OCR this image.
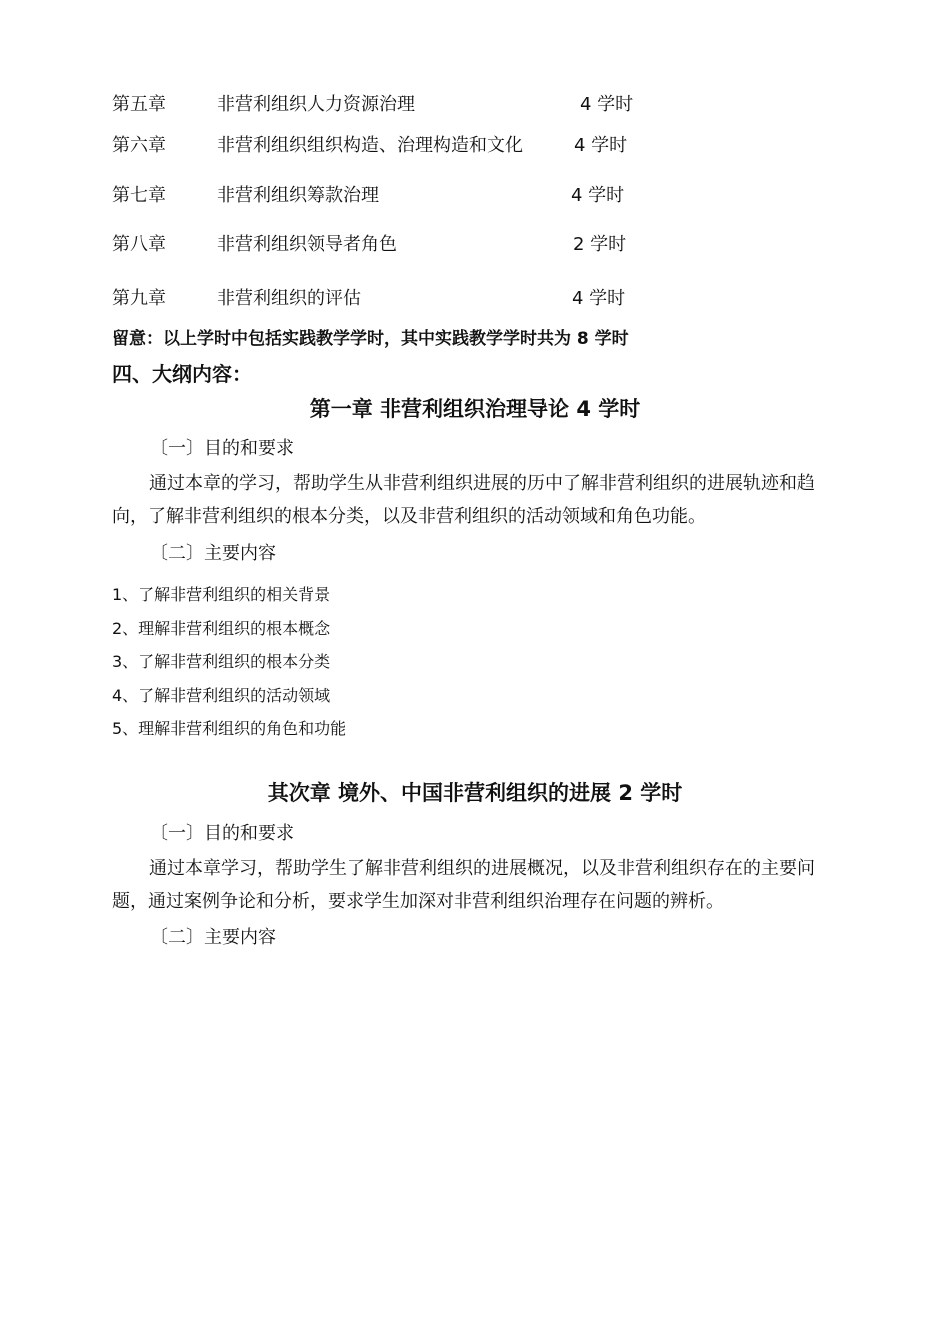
第五章	非营利组织人力资源治理	4 学时
第六章	非营利组织组织构造、治理构造和文化	4 学时
第七章	非营利组织筹款治理	4 学时
第八章	非营利组织领导者角色	2 学时
第九章	非营利组织的评估	4 学时
留意：以上学时中包括实践教学学时，其中实践教学学时共为 8 学时
四、大纲内容：
第一章 非营利组织治理导论 4 学时
〔一〕目的和要求
通过本章的学习，帮助学生从非营利组织进展的历中了解非营利组织的进展轨迹和趋向，了解非营利组织的根本分类，以及非营利组织的活动领域和角色功能。
〔二〕主要内容
1、了解非营利组织的相关背景
2、理解非营利组织的根本概念
3、了解非营利组织的根本分类
4、了解非营利组织的活动领域
5、理解非营利组织的角色和功能
其次章 境外、中国非营利组织的进展 2 学时
〔一〕目的和要求
通过本章学习，帮助学生了解非营利组织的进展概况，以及非营利组织存在的主要问题，通过案例争论和分析，要求学生加深对非营利组织治理存在问题的辨析。
〔二〕主要内容
